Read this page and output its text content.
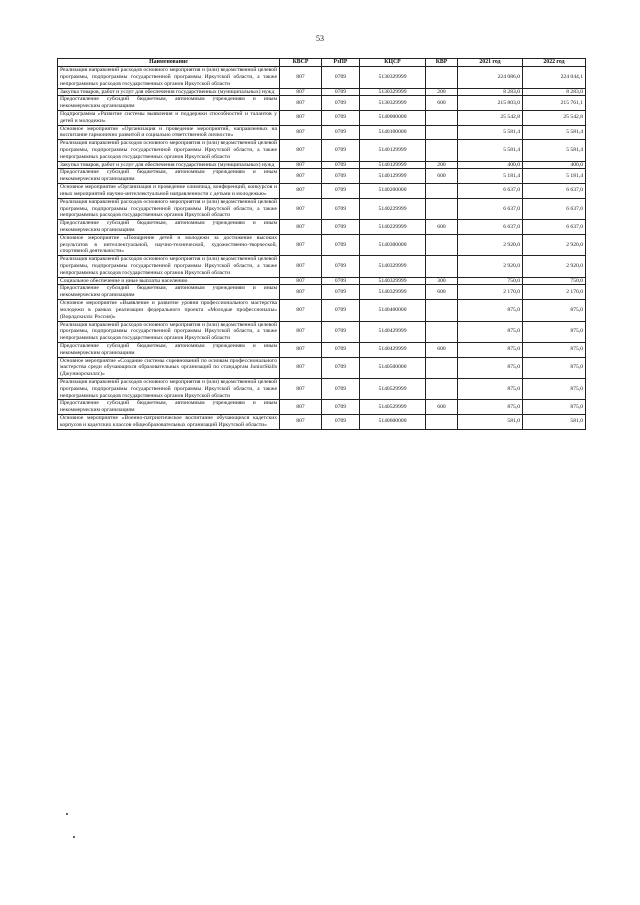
53
Наименование	КВСР	РзПР	КЦСР	КВР	2021 год	2022 год
Реализация направлений расходов основного мероприятия и (или) ведомственной целевой программы, подпрограммы государственной программы Иркутской области, а также непрограммных расходов государственных органов Иркутской области	807	0709	5130329999		224 086,0	224 044,1
Закупка товаров, работ и услуг для обеспечения государственных (муниципальных) нужд	807	0709	5130329999	200	8 283,0	8 283,0
Предоставление субсидий бюджетным, автономным учреждениям и иным некоммерческим организациям	807	0709	5130329999	600	215 803,0	215 761,1
Подпрограмма «Развитие системы выявления и поддержки способностей и талантов у детей и молодежи»	807	0709	5140000000		25 542,8	25 542,8
Основное мероприятие «Организация и проведение мероприятий, направленных на воспитание гармонично развитой и социально ответственной личности»	807	0709	5140100000		5 581,4	5 581,4
Реализация направлений расходов основного мероприятия и (или) ведомственной целевой программы, подпрограммы государственной программы Иркутской области, а также непрограммных расходов государственных органов Иркутской области	807	0709	5140129999		5 581,4	5 581,4
Закупка товаров, работ и услуг для обеспечения государственных (муниципальных) нужд	807	0709	5140129999	200	400,0	400,0
Предоставление субсидий бюджетным, автономным учреждениям и иным некоммерческим организациям	807	0709	5140129999	600	5 181,4	5 181,4
Основное мероприятие «Организация и проведение олимпиад, конференций, конкурсов и иных мероприятий научно-интеллектуальной направленности с детьми и молодежью»	807	0709	5140200000		6 637,0	6 637,0
Реализация направлений расходов основного мероприятия и (или) ведомственной целевой программы, подпрограммы государственной программы Иркутской области, а также непрограммных расходов государственных органов Иркутской области	807	0709	5140229999		6 637,0	6 637,0
Предоставление субсидий бюджетным, автономным учреждениям и иным некоммерческим организациям	807	0709	5140229999	600	6 637,0	6 637,0
Основное мероприятие «Поощрение детей и молодежи за достижение высоких результатов в интеллектуальной, научно-технической, художественно-творческой, спортивной деятельности»	807	0709	5140300000		2 920,0	2 920,0
Реализация направлений расходов основного мероприятия и (или) ведомственной целевой программы, подпрограммы государственной программы Иркутской области, а также непрограммных расходов государственных органов Иркутской области	807	0709	5140329999		2 920,0	2 920,0
Социальное обеспечение и иные выплаты населению	807	0709	5140329999	300	750,0	750,0
Предоставление субсидий бюджетным, автономным учреждениям и иным некоммерческим организациям	807	0709	5140329999	600	2 170,0	2 170,0
Основное мероприятие «Выявление и развитие уровня профессионального мастерства молодежи в рамках реализации федерального проекта «Молодые профессионалы» (Ворлдскиллс Россия)»	807	0709	5140400000		875,0	875,0
Реализация направлений расходов основного мероприятия и (или) ведомственной целевой программы, подпрограммы государственной программы Иркутской области, а также непрограммных расходов государственных органов Иркутской области	807	0709	5140429999		875,0	875,0
Предоставление субсидий бюджетным, автономным учреждениям и иным некоммерческим организациям	807	0709	5140429999	600	875,0	875,0
Основное мероприятие «Создание системы соревнований по основам профессионального мастерства среди обучающихся образовательных организаций по стандартам JuniorSkills (Джуниорскиллс)»	807	0709	5140500000		875,0	875,0
Реализация направлений расходов основного мероприятия и (или) ведомственной целевой программы, подпрограммы государственной программы Иркутской области, а также непрограммных расходов государственных органов Иркутской области	807	0709	5140529999		875,0	875,0
Предоставление субсидий бюджетным, автономным учреждениям и иным некоммерческим организациям	807	0709	5140529999	600	875,0	875,0
Основное мероприятие «Военно-патриотическое воспитание обучающихся кадетских корпусов и кадетских классов общеобразовательных организаций Иркутской области»	807	0709	5140600000		581,0	581,0
